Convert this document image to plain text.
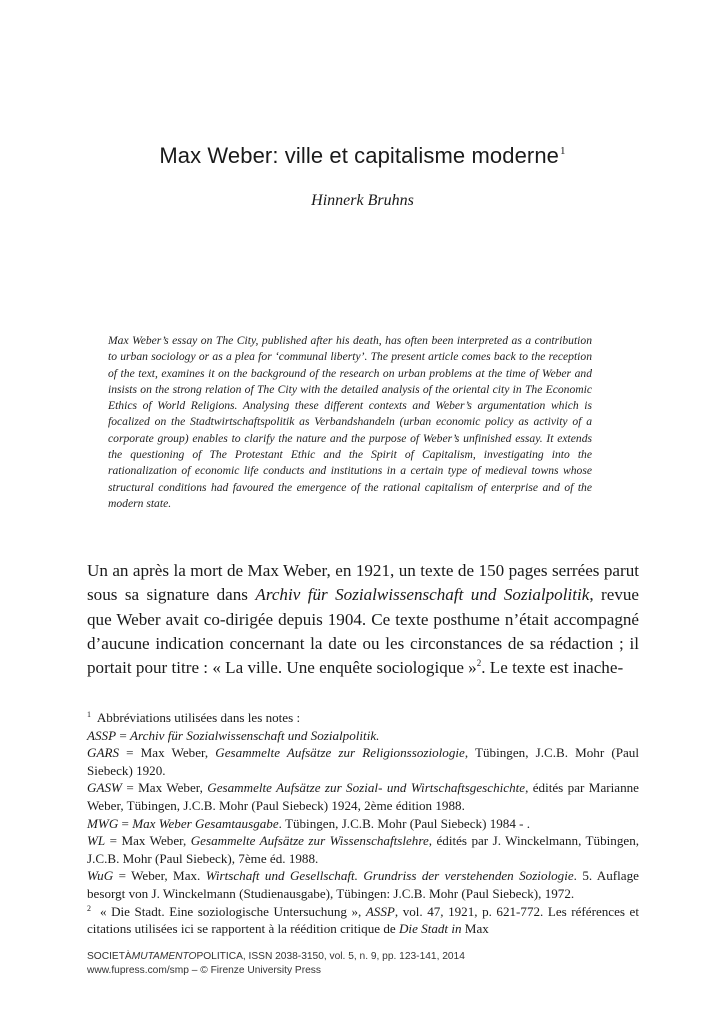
Max Weber: ville et capitalisme moderne$^1$
Hinnerk Bruhns

Max Weber’s essay on The City, published after his death, has often been interpreted as a contribution to urban sociology or as a plea for ‘communal liberty’. The present article comes back to the reception of the text, examines it on the background of the research on urban problems at the time of Weber and insists on the strong relation of The City with the detailed analysis of the oriental city in The Economic Ethics of World Religions. Analysing these different contexts and Weber’s argumentation which is focalized on the Stadtwirtschaftspolitik as Verbandshandeln (urban economic policy as activity of a corporate group) enables to clarify the nature and the purpose of Weber’s unfinished essay. It extends the questioning of The Protestant Ethic and the Spirit of Capitalism, investigating into the rationalization of economic life conducts and institutions in a certain type of medieval towns whose structural conditions had favoured the emergence of the rational capitalism of enterprise and of the modern state.

Un an après la mort de Max Weber, en 1921, un texte de 150 pages serrées parut sous sa signature dans Archiv für Sozialwissenschaft und Sozialpolitik, revue que Weber avait co-dirigée depuis 1904. Ce texte posthume n’était accompagné d’aucune indication concernant la date ou les circonstances de sa rédaction ; il portait pour titre : « La ville. Une enquête sociologique »$^2$. Le texte est inache-

$^1$ Abbréviations utilisées dans les notes :

ASSP = Archiv für Sozialwissenschaft und Sozialpolitik.

GARS = Max Weber, Gesammelte Aufsätze zur Religionssoziologie, Tübingen, J.C.B. Mohr (Paul Siebeck) 1920.

GASW = Max Weber, Gesammelte Aufsätze zur Sozial- und Wirtschaftsgeschichte, édités par Marianne Weber, Tübingen, J.C.B. Mohr (Paul Siebeck) 1924, 2ème édition 1988.

MWG = Max Weber Gesamtausgabe. Tübingen, J.C.B. Mohr (Paul Siebeck) 1984 - .

WL = Max Weber, Gesammelte Aufsätze zur Wissenschaftslehre, édités par J. Winckelmann, Tübingen, J.C.B. Mohr (Paul Siebeck), 7ème éd. 1988.

WuG = Weber, Max. Wirtschaft und Gesellschaft. Grundriss der verstehenden Soziologie. 5. Auflage besorgt von J. Winckelmann (Studienausgabe), Tübingen: J.C.B. Mohr (Paul Siebeck), 1972.

$^2$ « Die Stadt. Eine soziologische Untersuchung », ASSP, vol. 47, 1921, p. 621-772. Les références et citations utilisées ici se rapportent à la réédition critique de Die Stadt in Max

SOCIETÀMUTAMENTOPOLITICA, ISSN 2038-3150, vol. 5, n. 9, pp. 123-141, 2014
www.fupress.com/smp – © Firenze University Press
